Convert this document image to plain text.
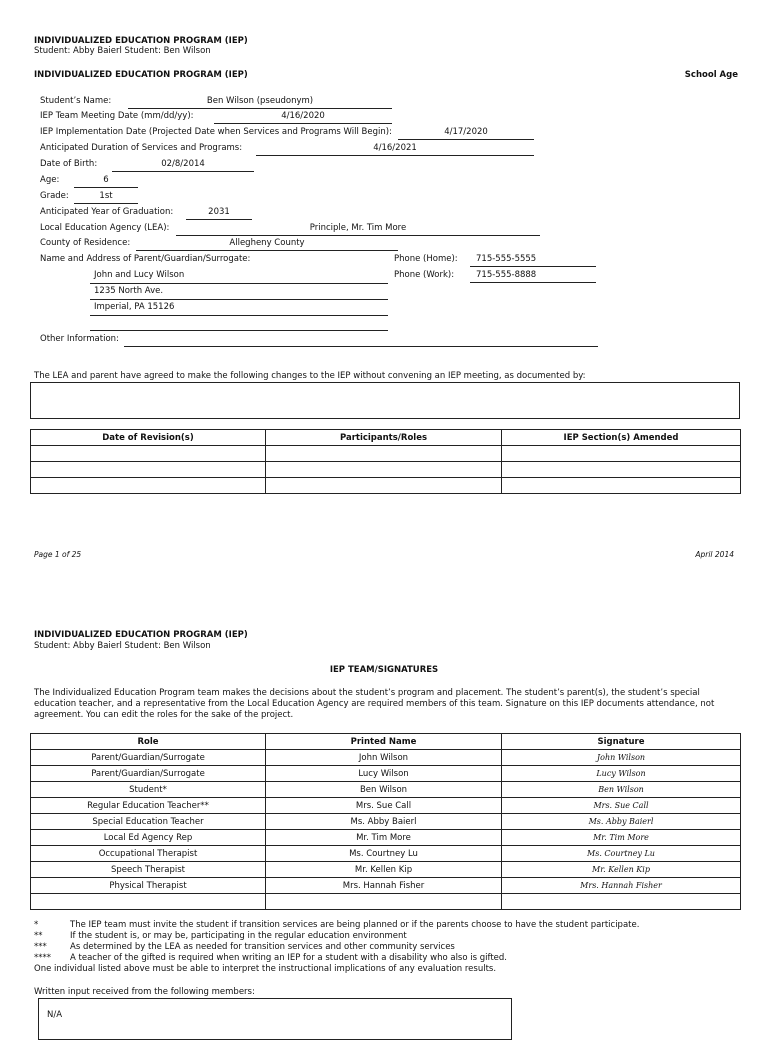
INDIVIDUALIZED EDUCATION PROGRAM (IEP)
Student: Abby Baierl Student: Ben Wilson
INDIVIDUALIZED EDUCATION PROGRAM (IEP)	School Age
Student’s Name:	Ben Wilson (pseudonym)
IEP Team Meeting Date (mm/dd/yy):	4/16/2020
IEP Implementation Date (Projected Date when Services and Programs Will Begin):	4/17/2020
Anticipated Duration of Services and Programs:	4/16/2021
Date of Birth:	02/8/2014
Age:	6
Grade:	1st
Anticipated Year of Graduation:	2031
Local Education Agency (LEA):	Principle, Mr. Tim More
County of Residence:	Allegheny County
Name and Address of Parent/Guardian/Surrogate:
John and Lucy Wilson
1235 North Ave.
Imperial, PA 15126
Phone (Home): 715-555-5555
Phone (Work):	715-555-8888
Other Information:
The LEA and parent have agreed to make the following changes to the IEP without convening an IEP meeting, as documented by:
Date of Revision(s)	Participants/Roles	IEP Section(s) Amended

Page 1 of 25	April 2014
INDIVIDUALIZED EDUCATION PROGRAM (IEP)
Student: Abby Baierl Student: Ben Wilson
IEP TEAM/SIGNATURES
The Individualized Education Program team makes the decisions about the student’s program and placement. The student’s parent(s), the student’s special
education teacher, and a representative from the Local Education Agency are required members of this team. Signature on this IEP documents attendance, not
agreement. You can edit the roles for the sake of the project.
Role	Printed Name	Signature
Parent/Guardian/Surrogate	John Wilson	John Wilson
Parent/Guardian/Surrogate	Lucy Wilson	Lucy Wilson
Student*	Ben Wilson	Ben Wilson
Regular Education Teacher**	Mrs. Sue Call	Mrs. Sue Call
Special Education Teacher	Ms. Abby Baierl	Ms. Abby Baierl
Local Ed Agency Rep	Mr. Tim More	Mr. Tim More
Occupational Therapist	Ms. Courtney Lu	Ms. Courtney Lu
Speech Therapist	Mr. Kellen Kip	Mr. Kellen Kip
Physical Therapist	Mrs. Hannah Fisher	Mrs. Hannah Fisher

*	The IEP team must invite the student if transition services are being planned or if the parents choose to have the student participate.
**	If the student is, or may be, participating in the regular education environment
***	As determined by the LEA as needed for transition services and other community services
**** A teacher of the gifted is required when writing an IEP for a student with a disability who also is gifted.
One individual listed above must be able to interpret the instructional implications of any evaluation results.
Written input received from the following members:
N/A
